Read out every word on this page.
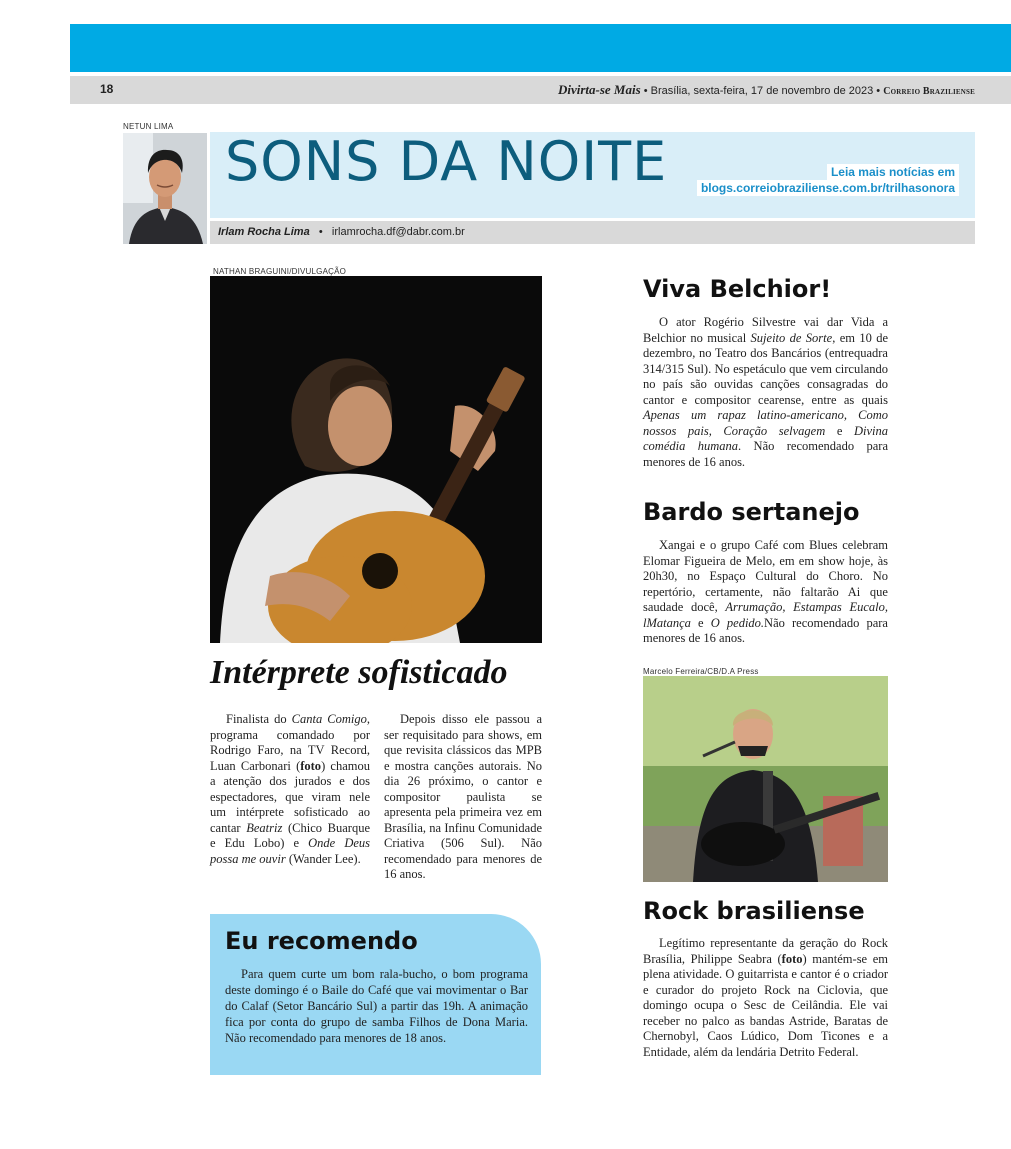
18	Divirta-se Mais • Brasília, sexta-feira, 17 de novembro de 2023 • Correio Braziliense
NETUN LIMA
SONS DA NOITE	Leia mais notícias em
blogs.correiobraziliense.com.br/trilhasonora
Irlam Rocha Lima   •   irlamrocha.df@dabr.com.br
NATHAN BRAGUINI/DIVULGAÇÃO
Intérprete sofisticado

Finalista do Canta Comigo, programa comandado por Rodrigo Faro, na TV Record, Luan Carbonari (foto) chamou a atenção dos jurados e dos espectadores, que viram nele um intérprete sofisticado ao cantar Beatriz (Chico Buarque e Edu Lobo) e Onde Deus possa me ouvir (Wander Lee).

Depois disso ele passou a ser requisitado para shows, em que revisita clássicos das MPB e mostra canções autorais. No dia 26 próximo, o cantor e compositor paulista se apresenta pela primeira vez em Brasília, na Infinu Comunidade Criativa (506 Sul). Não recomendado para menores de 16 anos.

Eu recomendo

Para quem curte um bom rala-bucho, o bom programa deste domingo é o Baile do Café que vai movimentar o Bar do Calaf (Setor Bancário Sul) a partir das 19h. A animação fica por conta do grupo de samba Filhos de Dona Maria. Não recomendado para menores de 18 anos.

Viva Belchior!

O ator Rogério Silvestre vai dar Vida a Belchior no musical Sujeito de Sorte, em 10 de dezembro, no Teatro dos Bancários (entrequadra 314/315 Sul). No espetáculo que vem circulando no país são ouvidas canções consagradas do cantor e compositor cearense, entre as quais Apenas um rapaz latino-americano, Como nossos pais, Coração selvagem e Divina comédia humana. Não recomendado para menores de 16 anos.

Bardo sertanejo

Xangai e o grupo Café com Blues celebram Elomar Figueira de Melo, em em show hoje, às 20h30, no Espaço Cultural do Choro. No repertório, certamente, não faltarão Ai que saudade docê, Arrumação, Estampas Eucalo, lMatança e O pedido.Não recomendado para menores de 16 anos.

Marcelo Ferreira/CB/D.A Press
Rock brasiliense

Legítimo representante da geração do Rock Brasília, Philippe Seabra (foto) mantém-se em plena atividade. O guitarrista e cantor é o criador e curador do projeto Rock na Ciclovia, que domingo ocupa o Sesc de Ceilândia. Ele vai receber no palco as bandas Astride, Baratas de Chernobyl, Caos Lúdico, Dom Ticones e a Entidade, além da lendária Detrito Federal.
